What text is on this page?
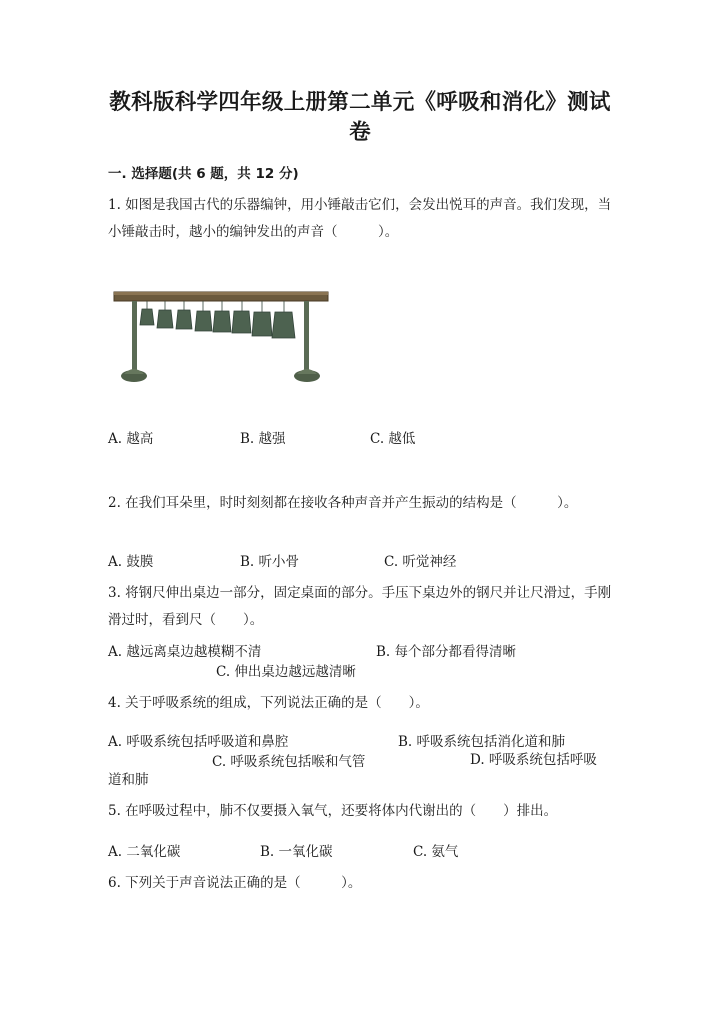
教科版科学四年级上册第二单元《呼吸和消化》测试卷
一. 选择题(共 6 题，共 12 分)
1. 如图是我国古代的乐器编钟，用小锤敲击它们，会发出悦耳的声音。我们发现，当小锤敲击时，越小的编钟发出的声音（　　　）。
A. 越高	B. 越强	C. 越低
2. 在我们耳朵里，时时刻刻都在接收各种声音并产生振动的结构是（　　　）。
A. 鼓膜	B. 听小骨	C. 听觉神经
3. 将钢尺伸出桌边一部分，固定桌面的部分。手压下桌边外的钢尺并让尺滑过，手刚滑过时，看到尺（　　）。
A. 越远离桌边越模糊不清	B. 每个部分都看得清晰
C. 伸出桌边越远越清晰
4. 关于呼吸系统的组成，下列说法正确的是（　　）。
A. 呼吸系统包括呼吸道和鼻腔	B. 呼吸系统包括消化道和肺
C. 呼吸系统包括喉和气管	D. 呼吸系统包括呼吸道和肺
5. 在呼吸过程中，肺不仅要摄入氧气，还要将体内代谢出的（　　）排出。
A. 二氧化碳	B. 一氧化碳	C. 氨气
6. 下列关于声音说法正确的是（　　　）。
